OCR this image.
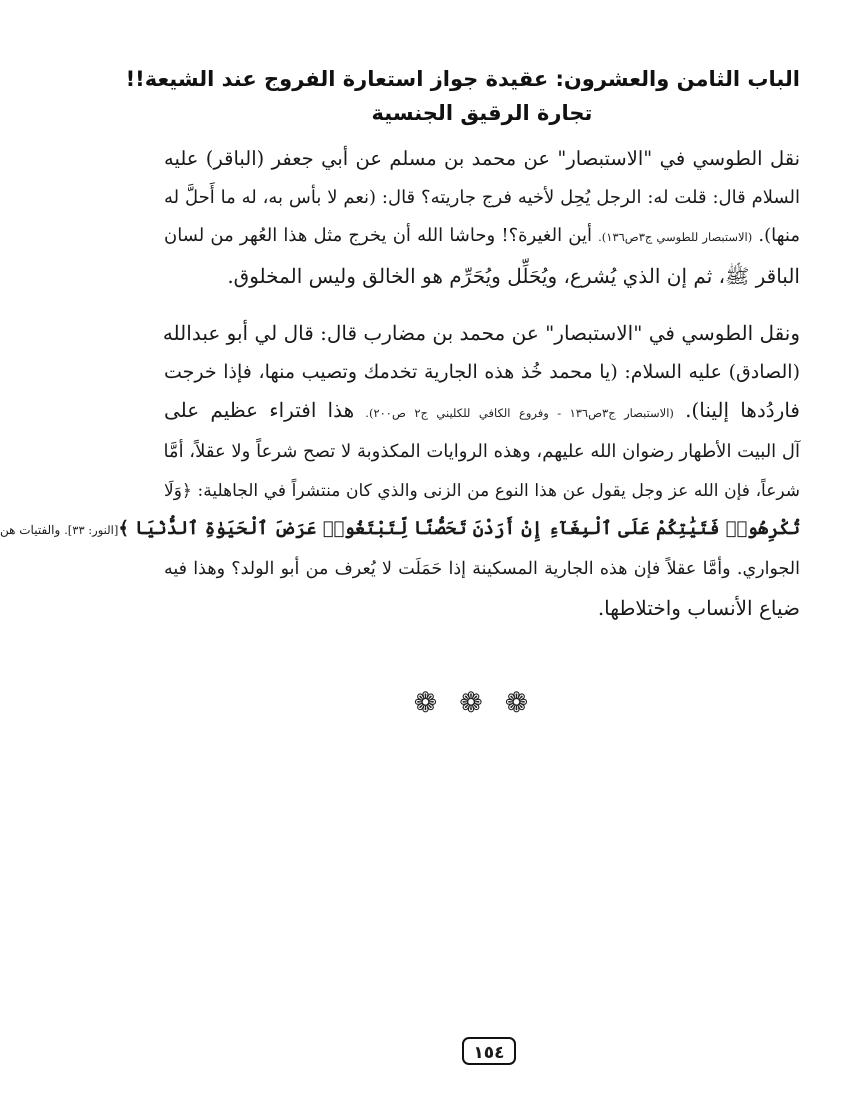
الباب الثامن والعشرون: عقيدة جواز استعارة الفروج عند الشيعة!!
تجارة الرقيق الجنسية

نقل الطوسي في "الاستبصار" عن محمد بن مسلم عن أبي جعفر (الباقر) عليه
السلام قال: قلت له: الرجل يُحِل لأخيه فرج جاريته؟ قال: (نعم لا بأس به، له ما أَحلَّ له
منها). (الاستبصار للطوسي ج٣ص١٣٦). أين الغيرة؟! وحاشا الله أن يخرج مثل هذا العُهر من لسان
الباقر ﷺ، ثم إن الذي يُشرع، ويُحَلِّل ويُحَرِّم هو الخالق وليس المخلوق.

ونقل الطوسي في "الاستبصار" عن محمد بن مضارب قال: قال لي أبو عبدالله
(الصادق) عليه السلام: (يا محمد خُذ هذه الجارية تخدمك وتصيب منها، فإذا خرجت
فاردُدها إلينا). (الاستبصار ج٣ص١٣٦ - وفروع الكافي للكليني ج٢ ص٢٠٠). هذا افتراء عظيم على
آل البيت الأطهار رضوان الله عليهم، وهذه الروايات المكذوبة لا تصح شرعاً ولا عقلاً، أمَّا
شرعاً، فإن الله عز وجل يقول عن هذا النوع من الزنى والذي كان منتشراً في الجاهلية: ﴿وَلَا
تُكْرِهُوا۟ فَتَيَٰتِكُمْ عَلَى ٱلْبِغَآءِ إِنْ أَرَدْنَ تَحَصُّنًا لِّتَبْتَغُوا۟ عَرَضَ ٱلْحَيَوٰةِ ٱلدُّنْيَا ﴾[النور: ٣٣]. والفتيات هن
الجواري. وأمَّا عقلاً فإن هذه الجارية المسكينة إذا حَمَلَت لا يُعرف من أبو الولد؟ وهذا فيه
ضياع الأنساب واختلاطها.

❁❁❁
١٥٤
